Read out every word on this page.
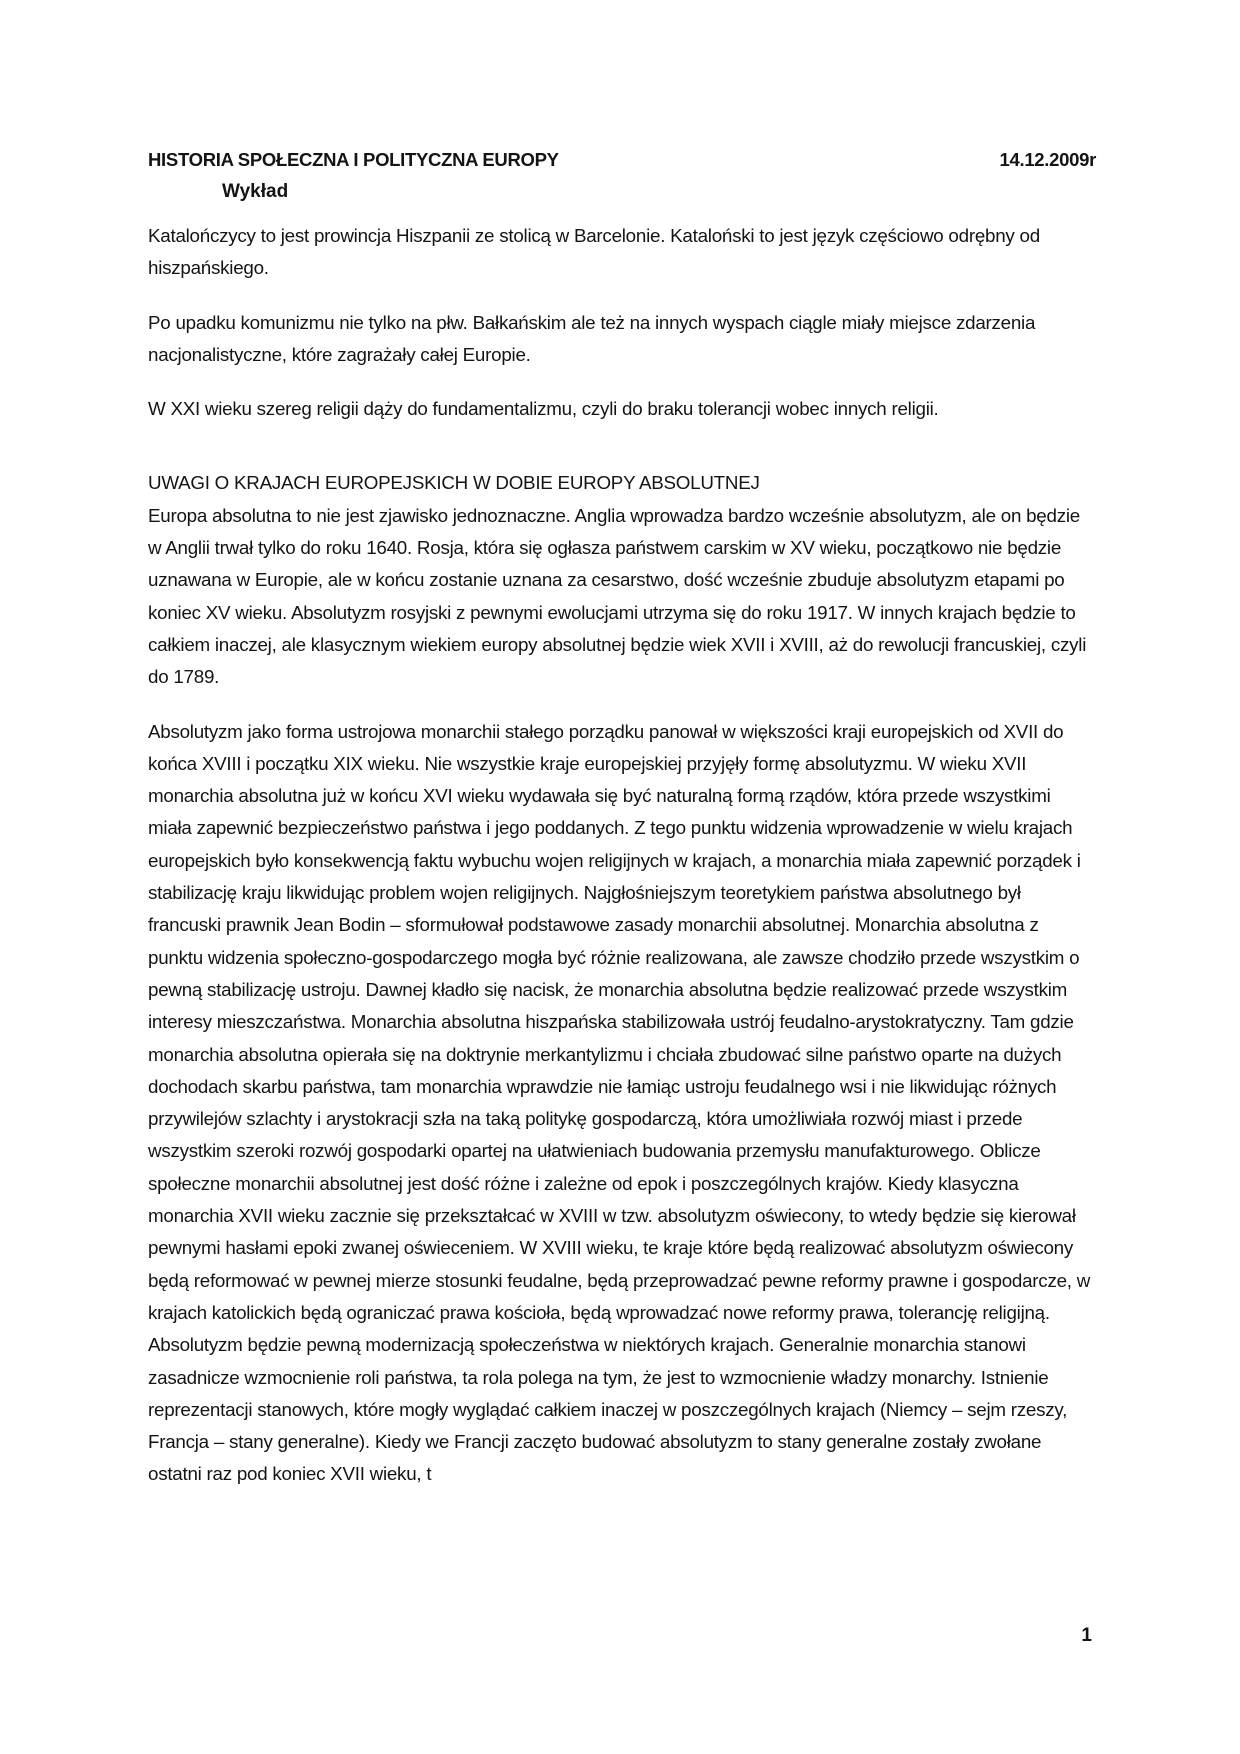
HISTORIA SPOŁECZNA I POLITYCZNA EUROPY	14.12.2009r
Wykład

Katalończycy to jest prowincja Hiszpanii ze stolicą w Barcelonie. Kataloński to jest język częściowo odrębny od hiszpańskiego.

Po upadku komunizmu nie tylko na płw. Bałkańskim ale też na innych wyspach ciągle miały miejsce zdarzenia nacjonalistyczne, które zagrażały całej Europie.

W XXI wieku szereg religii dąży do fundamentalizmu, czyli do braku tolerancji wobec innych religii.

UWAGI O KRAJACH EUROPEJSKICH W DOBIE EUROPY ABSOLUTNEJ

Europa absolutna to nie jest zjawisko jednoznaczne. Anglia wprowadza bardzo wcześnie absolutyzm, ale on będzie w Anglii trwał tylko do roku 1640. Rosja, która się ogłasza państwem carskim w XV wieku, początkowo nie będzie uznawana w Europie, ale w końcu zostanie uznana za cesarstwo, dość wcześnie zbuduje absolutyzm etapami po koniec XV wieku. Absolutyzm rosyjski z pewnymi ewolucjami utrzyma się do roku 1917. W innych krajach będzie to całkiem inaczej, ale klasycznym wiekiem europy absolutnej będzie wiek XVII i XVIII, aż do rewolucji francuskiej, czyli do 1789.

Absolutyzm jako forma ustrojowa monarchii stałego porządku panował w większości kraji europejskich od XVII do końca XVIII i początku XIX wieku. Nie wszystkie kraje europejskiej przyjęły formę absolutyzmu. W wieku XVII monarchia absolutna już w końcu XVI wieku wydawała się być naturalną formą rządów, która przede wszystkimi miała zapewnić bezpieczeństwo państwa i jego poddanych. Z tego punktu widzenia wprowadzenie w wielu krajach europejskich było konsekwencją faktu wybuchu wojen religijnych w krajach, a monarchia miała zapewnić porządek i stabilizację kraju likwidując problem wojen religijnych. Najgłośniejszym teoretykiem państwa absolutnego był francuski prawnik Jean Bodin – sformułował podstawowe zasady monarchii absolutnej. Monarchia absolutna z punktu widzenia społeczno-gospodarczego mogła być różnie realizowana, ale zawsze chodziło przede wszystkim o pewną stabilizację ustroju. Dawnej kładło się nacisk, że monarchia absolutna będzie realizować przede wszystkim interesy mieszczaństwa. Monarchia absolutna hiszpańska stabilizowała ustrój feudalno-arystokratyczny. Tam gdzie monarchia absolutna opierała się na doktrynie merkantylizmu i chciała zbudować silne państwo oparte na dużych dochodach skarbu państwa, tam monarchia wprawdzie nie łamiąc ustroju feudalnego wsi i nie likwidując różnych przywilejów szlachty i arystokracji szła na taką politykę gospodarczą, która umożliwiała rozwój miast i przede wszystkim szeroki rozwój gospodarki opartej na ułatwieniach budowania przemysłu manufakturowego. Oblicze społeczne monarchii absolutnej jest dość różne i zależne od epok i poszczególnych krajów. Kiedy klasyczna monarchia XVII wieku zacznie się przekształcać w XVIII w tzw. absolutyzm oświecony, to wtedy będzie się kierował pewnymi hasłami epoki zwanej oświeceniem. W XVIII wieku, te kraje które będą realizować absolutyzm oświecony będą reformować w pewnej mierze stosunki feudalne, będą przeprowadzać pewne reformy prawne i gospodarcze, w krajach katolickich będą ograniczać prawa kościoła, będą wprowadzać nowe reformy prawa, tolerancję religijną. Absolutyzm będzie pewną modernizacją społeczeństwa w niektórych krajach. Generalnie monarchia stanowi zasadnicze wzmocnienie roli państwa, ta rola polega na tym, że jest to wzmocnienie władzy monarchy. Istnienie reprezentacji stanowych, które mogły wyglądać całkiem inaczej w poszczególnych krajach (Niemcy – sejm rzeszy, Francja – stany generalne). Kiedy we Francji zaczęto budować absolutyzm to stany generalne zostały zwołane ostatni raz pod koniec XVII wieku, t

1
